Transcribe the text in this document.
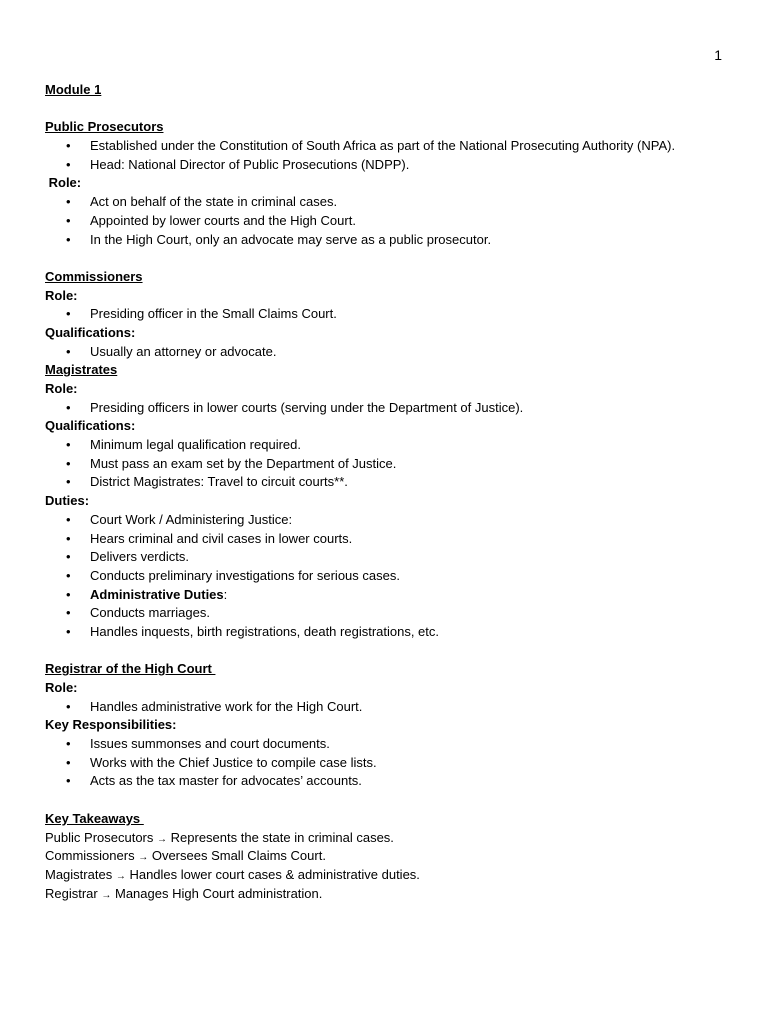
1
Module 1
Public Prosecutors
• Established under the Constitution of South Africa as part of the National Prosecuting Authority (NPA).
• Head: National Director of Public Prosecutions (NDPP).
Role:
• Act on behalf of the state in criminal cases.
• Appointed by lower courts and the High Court.
• In the High Court, only an advocate may serve as a public prosecutor.
Commissioners
Role:
• Presiding officer in the Small Claims Court.
Qualifications:
• Usually an attorney or advocate.
Magistrates
Role:
• Presiding officers in lower courts (serving under the Department of Justice).
Qualifications:
• Minimum legal qualification required.
• Must pass an exam set by the Department of Justice.
• District Magistrates: Travel to circuit courts**.
Duties:
• Court Work / Administering Justice:
• Hears criminal and civil cases in lower courts.
• Delivers verdicts.
• Conducts preliminary investigations for serious cases.
• Administrative Duties:
• Conducts marriages.
• Handles inquests, birth registrations, death registrations, etc.
Registrar of the High Court
Role:
• Handles administrative work for the High Court.
Key Responsibilities:
• Issues summonses and court documents.
• Works with the Chief Justice to compile case lists.
• Acts as the tax master for advocates’ accounts.
Key Takeaways
Public Prosecutors → Represents the state in criminal cases.
Commissioners → Oversees Small Claims Court.
Magistrates → Handles lower court cases & administrative duties.
Registrar → Manages High Court administration.
